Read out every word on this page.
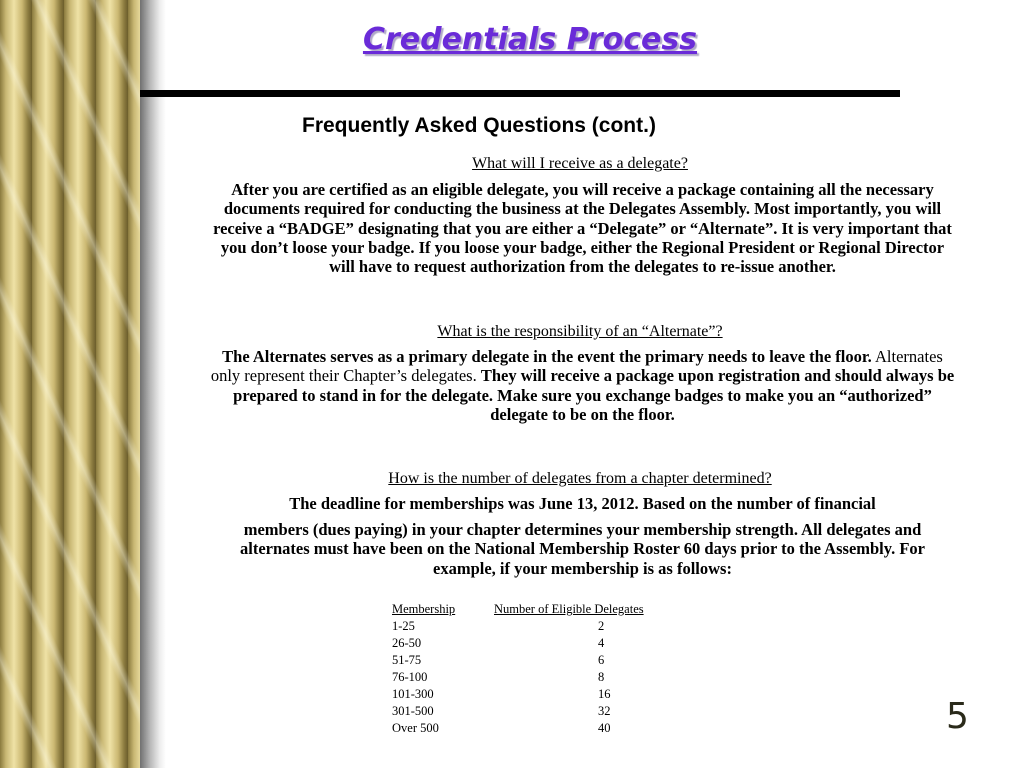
Credentials Process
Frequently Asked Questions (cont.)
What will I receive as a delegate?
After you are certified as an eligible delegate, you will receive a package containing all the necessary documents required for conducting the business at the Delegates Assembly. Most importantly, you will receive a “BADGE” designating that you are either a “Delegate” or “Alternate”. It is very important that you don’t loose your badge. If you loose your badge, either the Regional President or Regional Director will have to request authorization from the delegates to re-issue another.
What is the responsibility of an “Alternate”?
The Alternates serves as a primary delegate in the event the primary needs to leave the floor. Alternates only represent their Chapter’s delegates. They will receive a package upon registration and should always be prepared to stand in for the delegate. Make sure you exchange badges to make you an “authorized” delegate to be on the floor.
How is the number of delegates from a chapter determined?
The deadline for memberships was June 13, 2012. Based on the number of financial
members (dues paying) in your chapter determines your membership strength. All delegates and alternates must have been on the National Membership Roster 60 days prior to the Assembly. For example, if your membership is as follows:
Membership	Number of Eligible Delegates
1-25	2
26-50	4
51-75	6
76-100	8
101-300	16
301-500	32
Over 500	40	5
